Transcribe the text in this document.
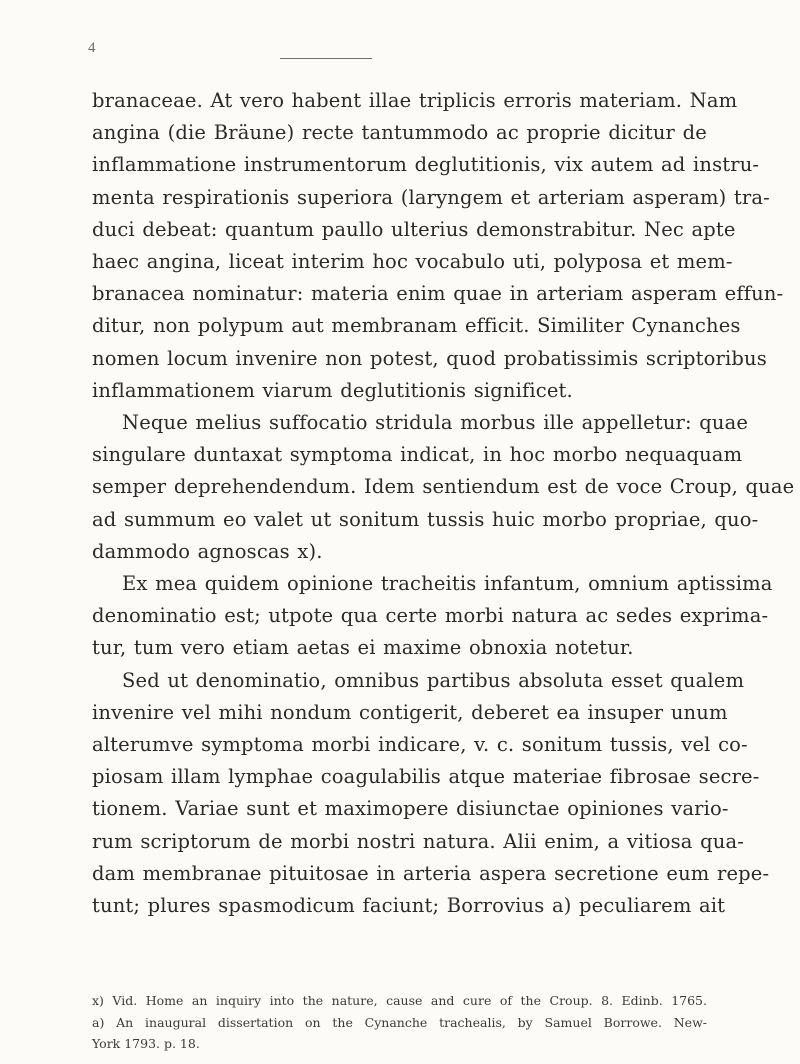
4
branaceae. At vero habent illae triplicis erroris materiam. Nam
angina (die Bräune) recte tantummodo ac proprie dicitur de
inflammatione instrumentorum deglutitionis, vix autem ad instru-
menta respirationis superiora (laryngem et arteriam asperam) tra-
duci debeat: quantum paullo ulterius demonstrabitur. Nec apte
haec angina, liceat interim hoc vocabulo uti, polyposa et mem-
branacea nominatur: materia enim quae in arteriam asperam effun-
ditur, non polypum aut membranam efficit. Similiter Cynanches
nomen locum invenire non potest, quod probatissimis scriptoribus
inflammationem viarum deglutitionis significet.
Neque melius suffocatio stridula morbus ille appelletur: quae
singulare duntaxat symptoma indicat, in hoc morbo nequaquam
semper deprehendendum. Idem sentiendum est de voce Croup, quae
ad summum eo valet ut sonitum tussis huic morbo propriae, quo-
dammodo agnoscas x).
Ex mea quidem opinione tracheitis infantum, omnium aptissima
denominatio est; utpote qua certe morbi natura ac sedes exprima-
tur, tum vero etiam aetas ei maxime obnoxia notetur.
Sed ut denominatio, omnibus partibus absoluta esset qualem
invenire vel mihi nondum contigerit, deberet ea insuper unum
alterumve symptoma morbi indicare, v. c. sonitum tussis, vel co-
piosam illam lymphae coagulabilis atque materiae fibrosae secre-
tionem. Variae sunt et maximopere disiunctae opiniones vario-
rum scriptorum de morbi nostri natura. Alii enim, a vitiosa qua-
dam membranae pituitosae in arteria aspera secretione eum repe-
tunt; plures spasmodicum faciunt; Borrovius a) peculiarem ait
x) Vid. Home an inquiry into the nature, cause and cure of the Croup. 8. Edinb. 1765.
a) An inaugural dissertation on the Cynanche trachealis, by Samuel Borrowe. New-
York 1793. p. 18.
